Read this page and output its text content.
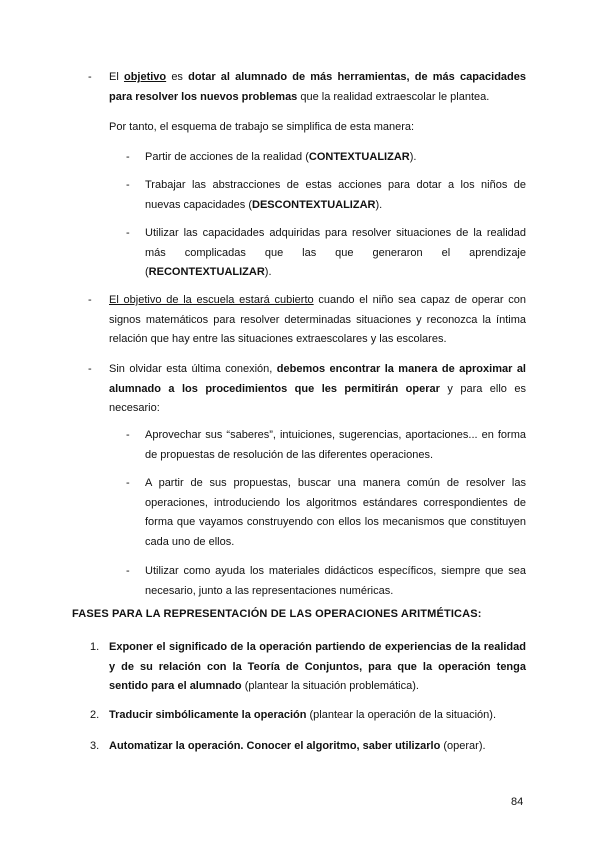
- El objetivo es dotar al alumnado de más herramientas, de más capacidades para resolver los nuevos problemas que la realidad extraescolar le plantea.
Por tanto, el esquema de trabajo se simplifica de esta manera:
- Partir de acciones de la realidad (CONTEXTUALIZAR).
- Trabajar las abstracciones de estas acciones para dotar a los niños de nuevas capacidades (DESCONTEXTUALIZAR).
- Utilizar las capacidades adquiridas para resolver situaciones de la realidad más complicadas que las que generaron el aprendizaje (RECONTEXTUALIZAR).
- El objetivo de la escuela estará cubierto cuando el niño sea capaz de operar con signos matemáticos para resolver determinadas situaciones y reconozca la íntima relación que hay entre las situaciones extraescolares y las escolares.
- Sin olvidar esta última conexión, debemos encontrar la manera de aproximar al alumnado a los procedimientos que les permitirán operar y para ello es necesario:
- Aprovechar sus “saberes”, intuiciones, sugerencias, aportaciones... en forma de propuestas de resolución de las diferentes operaciones.
- A partir de sus propuestas, buscar una manera común de resolver las operaciones, introduciendo los algoritmos estándares correspondientes de forma que vayamos construyendo con ellos los mecanismos que constituyen cada uno de ellos.
- Utilizar como ayuda los materiales didácticos específicos, siempre que sea necesario, junto a las representaciones numéricas.
FASES PARA LA REPRESENTACIÓN DE LAS OPERACIONES ARITMÉTICAS:
1. Exponer el significado de la operación partiendo de experiencias de la realidad y de su relación con la Teoría de Conjuntos, para que la operación tenga sentido para el alumnado (plantear la situación problemática).
2. Traducir simbólicamente la operación (plantear la operación de la situación).
3. Automatizar la operación. Conocer el algoritmo, saber utilizarlo (operar).
84
